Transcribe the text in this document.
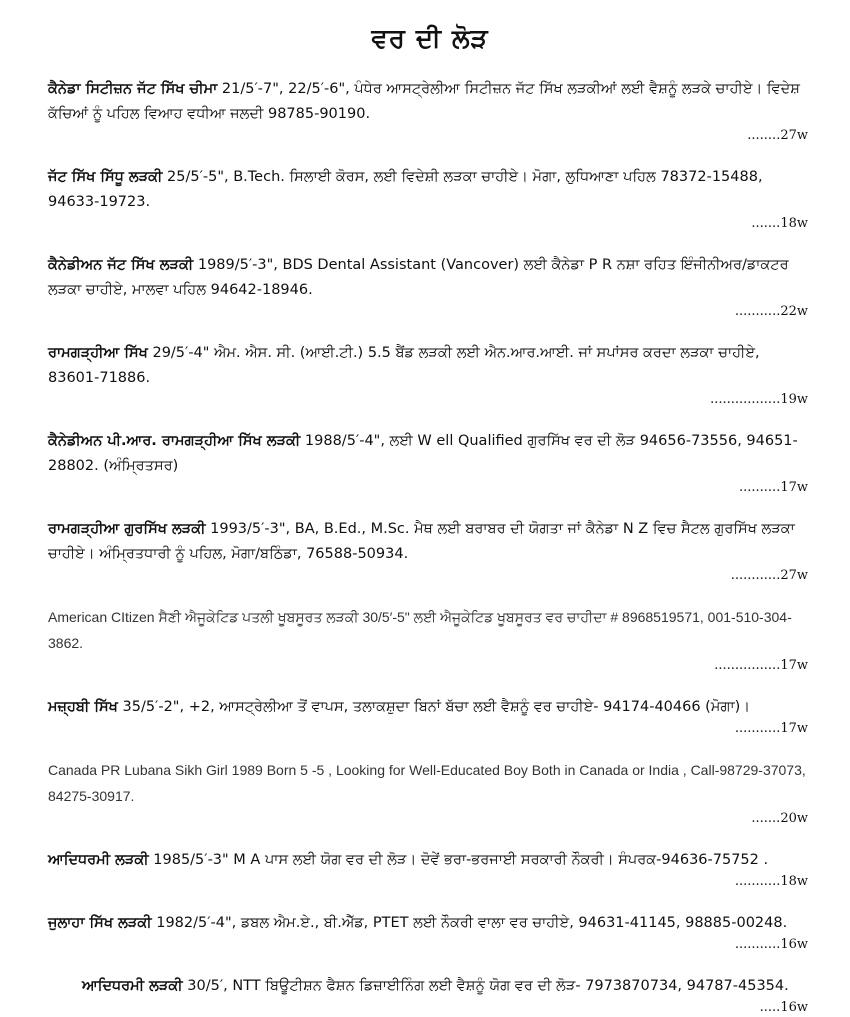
ਵਰ ਦੀ ਲੋੜ
ਕੈਨੇਡਾ ਸਿਟੀਜ਼ਨ ਜੱਟ ਸਿੱਖ ਚੀਮਾ 21/5′-7", 22/5′-6", ਪੰਧੇਰ ਆਸਟ੍ਰੇਲੀਆ ਸਿਟੀਜ਼ਨ ਜੱਟ ਸਿੱਖ ਲੜਕੀਆਂ ਲਈ ਵੈਸ਼ਨੂੰ ਲੜਕੇ ਚਾਹੀਏ। ਵਿਦੇਸ਼ ਕੱਚਿਆਂ ਨੂੰ ਪਹਿਲ ਵਿਆਹ ਵਧੀਆ ਜਲਦੀ 98785-90190.
........27w
ਜੱਟ ਸਿੱਖ ਸਿੱਧੂ ਲੜਕੀ 25/5′-5", B.Tech. ਸਿਲਾਈ ਕੋਰਸ, ਲਈ ਵਿਦੇਸ਼ੀ ਲੜਕਾ ਚਾਹੀਏ। ਮੋਗਾ, ਲੁਧਿਆਣਾ ਪਹਿਲ 78372-15488, 94633-19723.
.......18w
ਕੈਨੇਡੀਅਨ ਜੱਟ ਸਿੱਖ ਲੜਕੀ 1989/5′-3", BDS Dental Assistant (Vancover) ਲਈ ਕੈਨੇਡਾ P R ਨਸ਼ਾ ਰਹਿਤ ਇੰਜੀਨੀਅਰ/ਡਾਕਟਰ ਲੜਕਾ ਚਾਹੀਏ, ਮਾਲਵਾ ਪਹਿਲ 94642-18946.
...........22w
ਰਾਮਗੜ੍ਹੀਆ ਸਿੱਖ 29/5′-4" ਐਮ. ਐਸ. ਸੀ. (ਆਈ.ਟੀ.) 5.5 ਬੈਂਡ ਲੜਕੀ ਲਈ ਐਨ.ਆਰ.ਆਈ. ਜਾਂ ਸਪਾਂਸਰ ਕਰਦਾ ਲੜਕਾ ਚਾਹੀਏ, 83601-71886.
.................19w
ਕੈਨੇਡੀਅਨ ਪੀ.ਆਰ. ਰਾਮਗੜ੍ਹੀਆ ਸਿੱਖ ਲੜਕੀ 1988/5′-4", ਲਈ W ell Qualified ਗੁਰਸਿੱਖ ਵਰ ਦੀ ਲੋੜ 94656-73556, 94651-28802. (ਅੰਮ੍ਰਿਤਸਰ)
..........17w
ਰਾਮਗੜ੍ਹੀਆ ਗੁਰਸਿੱਖ ਲੜਕੀ 1993/5′-3", BA, B.Ed., M.Sc. ਮੈਥ ਲਈ ਬਰਾਬਰ ਦੀ ਯੋਗਤਾ ਜਾਂ ਕੈਨੇਡਾ N Z ਵਿਚ ਸੈਟਲ ਗੁਰਸਿੱਖ ਲੜਕਾ ਚਾਹੀਏ। ਅੰਮ੍ਰਿਤਧਾਰੀ ਨੂੰ ਪਹਿਲ, ਮੋਗਾ/ਬਠਿੰਡਾ, 76588-50934.
............27w
American CItizen ਸੈਣੀ ਐਜੂਕੇਟਿਡ ਪਤਲੀ ਖੂਬਸੂਰਤ ਲੜਕੀ 30/5′-5" ਲਈ ਐਜੂਕੇਟਿਡ ਖੂਬਸੂਰਤ ਵਰ ਚਾਹੀਦਾ # 8968519571, 001-510-304-3862.
................17w
ਮਜ਼੍ਹਬੀ ਸਿੱਖ 35/5′-2", +2, ਆਸਟ੍ਰੇਲੀਆ ਤੋਂ ਵਾਪਸ, ਤਲਾਕਸ਼ੁਦਾ ਬਿਨਾਂ ਬੱਚਾ ਲਈ ਵੈਸ਼ਨੂੰ ਵਰ ਚਾਹੀਏ- 94174-40466 (ਮੋਗਾ)।
...........17w
Canada PR Lubana Sikh Girl 1989 Born 5 -5 , Looking for Well-Educated Boy Both in Canada or India , Call-98729-37073, 84275-30917.
.......20w
ਆਦਿਧਰਮੀ ਲੜਕੀ 1985/5′-3" M A ਪਾਸ ਲਈ ਯੋਗ ਵਰ ਦੀ ਲੋੜ। ਦੋਵੇਂ ਭਰਾ-ਭਰਜਾਈ ਸਰਕਾਰੀ ਨੌਕਰੀ। ਸੰਪਰਕ-94636-75752 .
...........18w
ਜੁਲਾਹਾ ਸਿੱਖ ਲੜਕੀ 1982/5′-4", ਡਬਲ ਐਮ.ਏ., ਬੀ.ਐੱਡ, PTET ਲਈ ਨੌਕਰੀ ਵਾਲਾ ਵਰ ਚਾਹੀਏ, 94631-41145, 98885-00248.
...........16w
ਆਦਿਧਰਮੀ ਲੜਕੀ 30/5′, NTT ਬਿਊਟੀਸ਼ਨ ਫੈਸ਼ਨ ਡਿਜ਼ਾਈਨਿੰਗ ਲਈ ਵੈਸ਼ਨੂੰ ਯੋਗ ਵਰ ਦੀ ਲੋੜ- 7973870734, 94787-45354.
.....16w
